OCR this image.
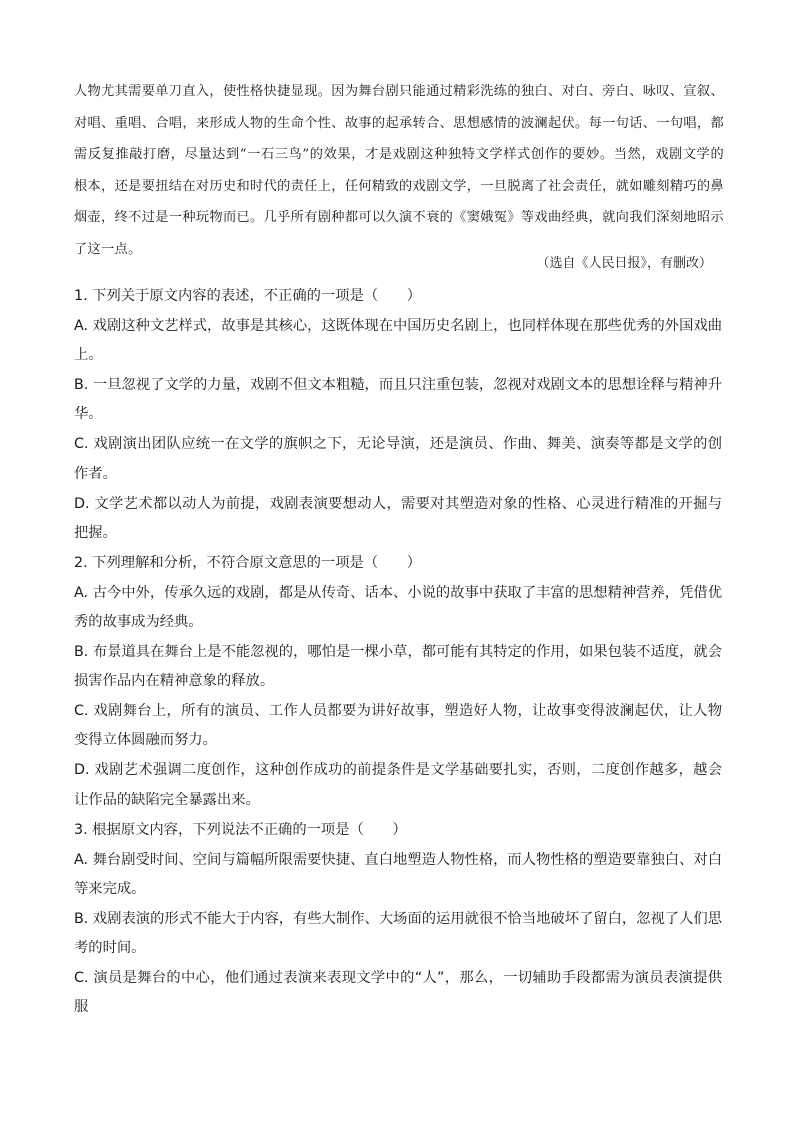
人物尤其需要单刀直入，使性格快捷显现。因为舞台剧只能通过精彩洗练的独白、对白、旁白、咏叹、宣叙、对唱、重唱、合唱，来形成人物的生命个性、故事的起承转合、思想感情的波澜起伏。每一句话、一句唱，都需反复推敲打磨，尽量达到“一石三鸟”的效果，才是戏剧这种独特文学样式创作的要妙。当然，戏剧文学的根本，还是要扭结在对历史和时代的责任上，任何精致的戏剧文学，一旦脱离了社会责任，就如雕刻精巧的鼻烟壶，终不过是一种玩物而已。几乎所有剧种都可以久演不衰的《窦娥冤》等戏曲经典，就向我们深刻地昭示了这一点。

（选自《人民日报》，有删改）

1. 下列关于原文内容的表述，不正确的一项是（　　）

A. 戏剧这种文艺样式，故事是其核心，这既体现在中国历史名剧上，也同样体现在那些优秀的外国戏曲上。

B. 一旦忽视了文学的力量，戏剧不但文本粗糙，而且只注重包装，忽视对戏剧文本的思想诠释与精神升华。

C. 戏剧演出团队应统一在文学的旗帜之下，无论导演，还是演员、作曲、舞美、演奏等都是文学的创作者。

D. 文学艺术都以动人为前提，戏剧表演要想动人，需要对其塑造对象的性格、心灵进行精准的开掘与把握。

2. 下列理解和分析，不符合原文意思的一项是（　　）

A. 古今中外，传承久远的戏剧，都是从传奇、话本、小说的故事中获取了丰富的思想精神营养，凭借优秀的故事成为经典。

B. 布景道具在舞台上是不能忽视的，哪怕是一棵小草，都可能有其特定的作用，如果包装不适度，就会损害作品内在精神意象的释放。

C. 戏剧舞台上，所有的演员、工作人员都要为讲好故事，塑造好人物，让故事变得波澜起伏，让人物变得立体圆融而努力。

D. 戏剧艺术强调二度创作，这种创作成功的前提条件是文学基础要扎实，否则，二度创作越多，越会让作品的缺陷完全暴露出来。

3. 根据原文内容，下列说法不正确的一项是（　　）

A. 舞台剧受时间、空间与篇幅所限需要快捷、直白地塑造人物性格，而人物性格的塑造要靠独白、对白等来完成。

B. 戏剧表演的形式不能大于内容，有些大制作、大场面的运用就很不恰当地破坏了留白，忽视了人们思考的时间。

C. 演员是舞台的中心，他们通过表演来表现文学中的“人”，那么，一切辅助手段都需为演员表演提供服
